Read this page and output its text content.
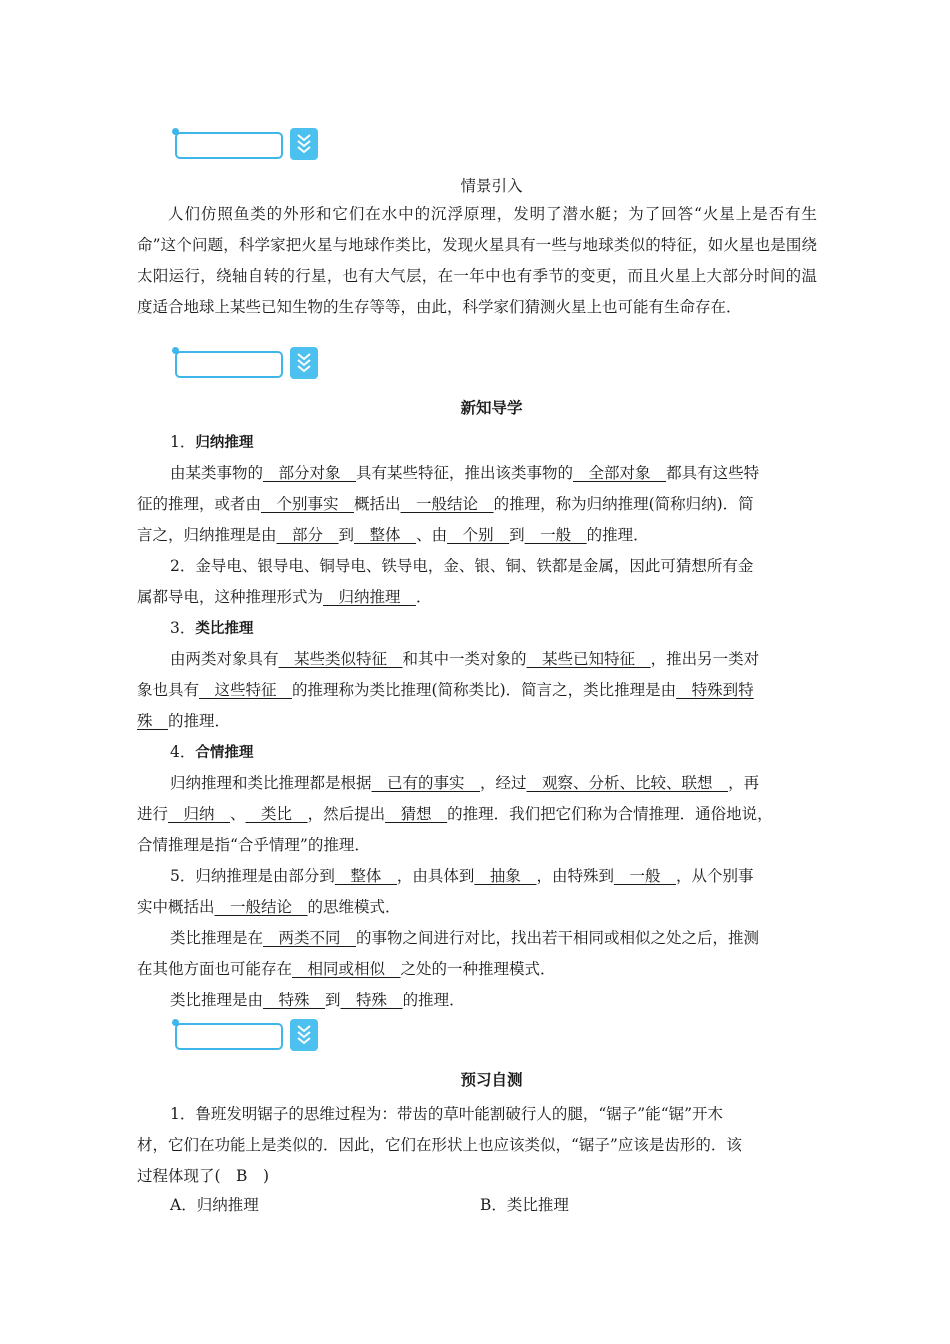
情景引入

人们仿照鱼类的外形和它们在水中的沉浮原理，发明了潜水艇；为了回答“火星上是否有生命”这个问题，科学家把火星与地球作类比，发现火星具有一些与地球类似的特征，如火星也是围绕太阳运行，绕轴自转的行星，也有大气层，在一年中也有季节的变更，而且火星上大部分时间的温度适合地球上某些已知生物的生存等等，由此，科学家们猜测火星上也可能有生命存在．

新知导学
1．归纳推理
由某类事物的__部分对象__具有某些特征，推出该类事物的__全部对象__都具有这些特
征的推理，或者由__个别事实__概括出__一般结论__的推理，称为归纳推理(简称归纳)．简
言之，归纳推理是由__部分__到__整体__、由__个别__到__一般__的推理．
2．金导电、银导电、铜导电、铁导电，金、银、铜、铁都是金属，因此可猜想所有金
属都导电，这种推理形式为__归纳推理__．
3．类比推理
由两类对象具有__某些类似特征__和其中一类对象的__某些已知特征__，推出另一类对
象也具有__这些特征__的推理称为类比推理(简称类比)．简言之，类比推理是由__特殊到特
殊__的推理．
4．合情推理
归纳推理和类比推理都是根据__已有的事实__，经过__观察、分析、比较、联想__，再
进行__归纳__、__类比__，然后提出__猜想__的推理．我们把它们称为合情推理．通俗地说，
合情推理是指“合乎情理”的推理．
5．归纳推理是由部分到__整体__，由具体到__抽象__，由特殊到__一般__，从个别事
实中概括出__一般结论__的思维模式．
类比推理是在__两类不同__的事物之间进行对比，找出若干相同或相似之处之后，推测
在其他方面也可能存在__相同或相似__之处的一种推理模式．
类比推理是由__特殊__到__特殊__的推理．
预习自测
1．鲁班发明锯子的思维过程为：带齿的草叶能割破行人的腿，“锯子”能“锯”开木
材，它们在功能上是类似的．因此，它们在形状上也应该类似，“锯子”应该是齿形的．该
过程体现了(　B　)
A．归纳推理	B．类比推理
